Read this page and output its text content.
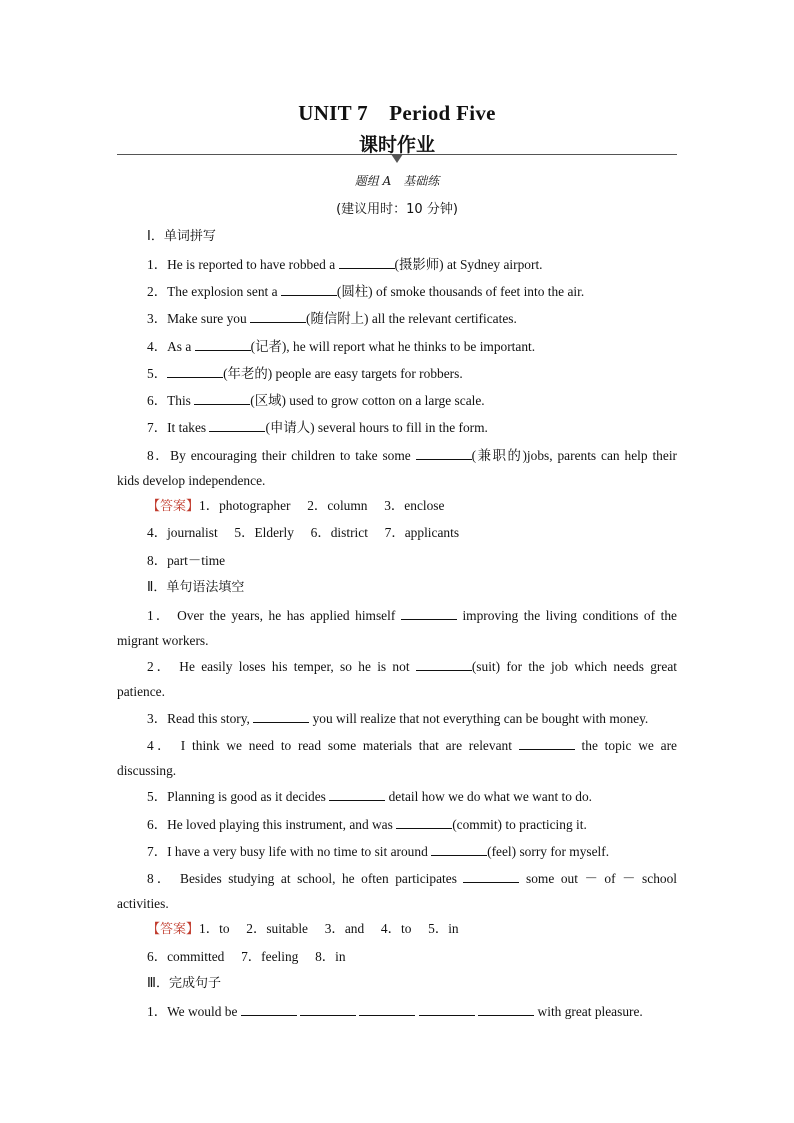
UNIT 7　Period Five
课时作业
题组 A 基础练
(建议用时：10 分钟)
Ⅰ．单词拼写
1．He is reported to have robbed a	(摄影师) at Sydney airport.
2．The explosion sent a	(圆柱) of smoke thousands of feet into the air.
3．Make sure you	(随信附上) all the relevant certificates.
4．As a	(记者), he will report what he thinks to be important.
5．	(年老的) people are easy targets for robbers.
6．This	(区域) used to grow cotton on a large scale.
7．It takes	(申请人) several hours to fill in the form.
8．By encouraging their children to take some	(兼职的)jobs, parents can help their
kids develop independence.
【答案】1．photographer　 2．column　 3．enclose
4．journalist　 5．Elderly　 6．district　 7．applicants
8．part－time
Ⅱ．单句语法填空
1． Over the years, he has applied himself	improving the living conditions of the
migrant workers.
2． He easily loses his temper, so he is not	(suit) for the job which needs great
patience.
3．Read this story,	you will realize that not everything can be bought with money.
4． I think we need to read some materials that are relevant	the topic we are
discussing.
5．Planning is good as it decides	detail how we do what we want to do.
6．He loved playing this instrument, and was	(commit) to practicing it.
7．I have a very busy life with no time to sit around	(feel) sorry for myself.
8． Besides studying at school, he often participates	some out － of － school
activities.
【答案】1．to　 2．suitable　 3．and　 4．to　 5．in
6．committed　 7．feeling　 8．in
Ⅲ．完成句子
1．We would be	with great pleasure.
